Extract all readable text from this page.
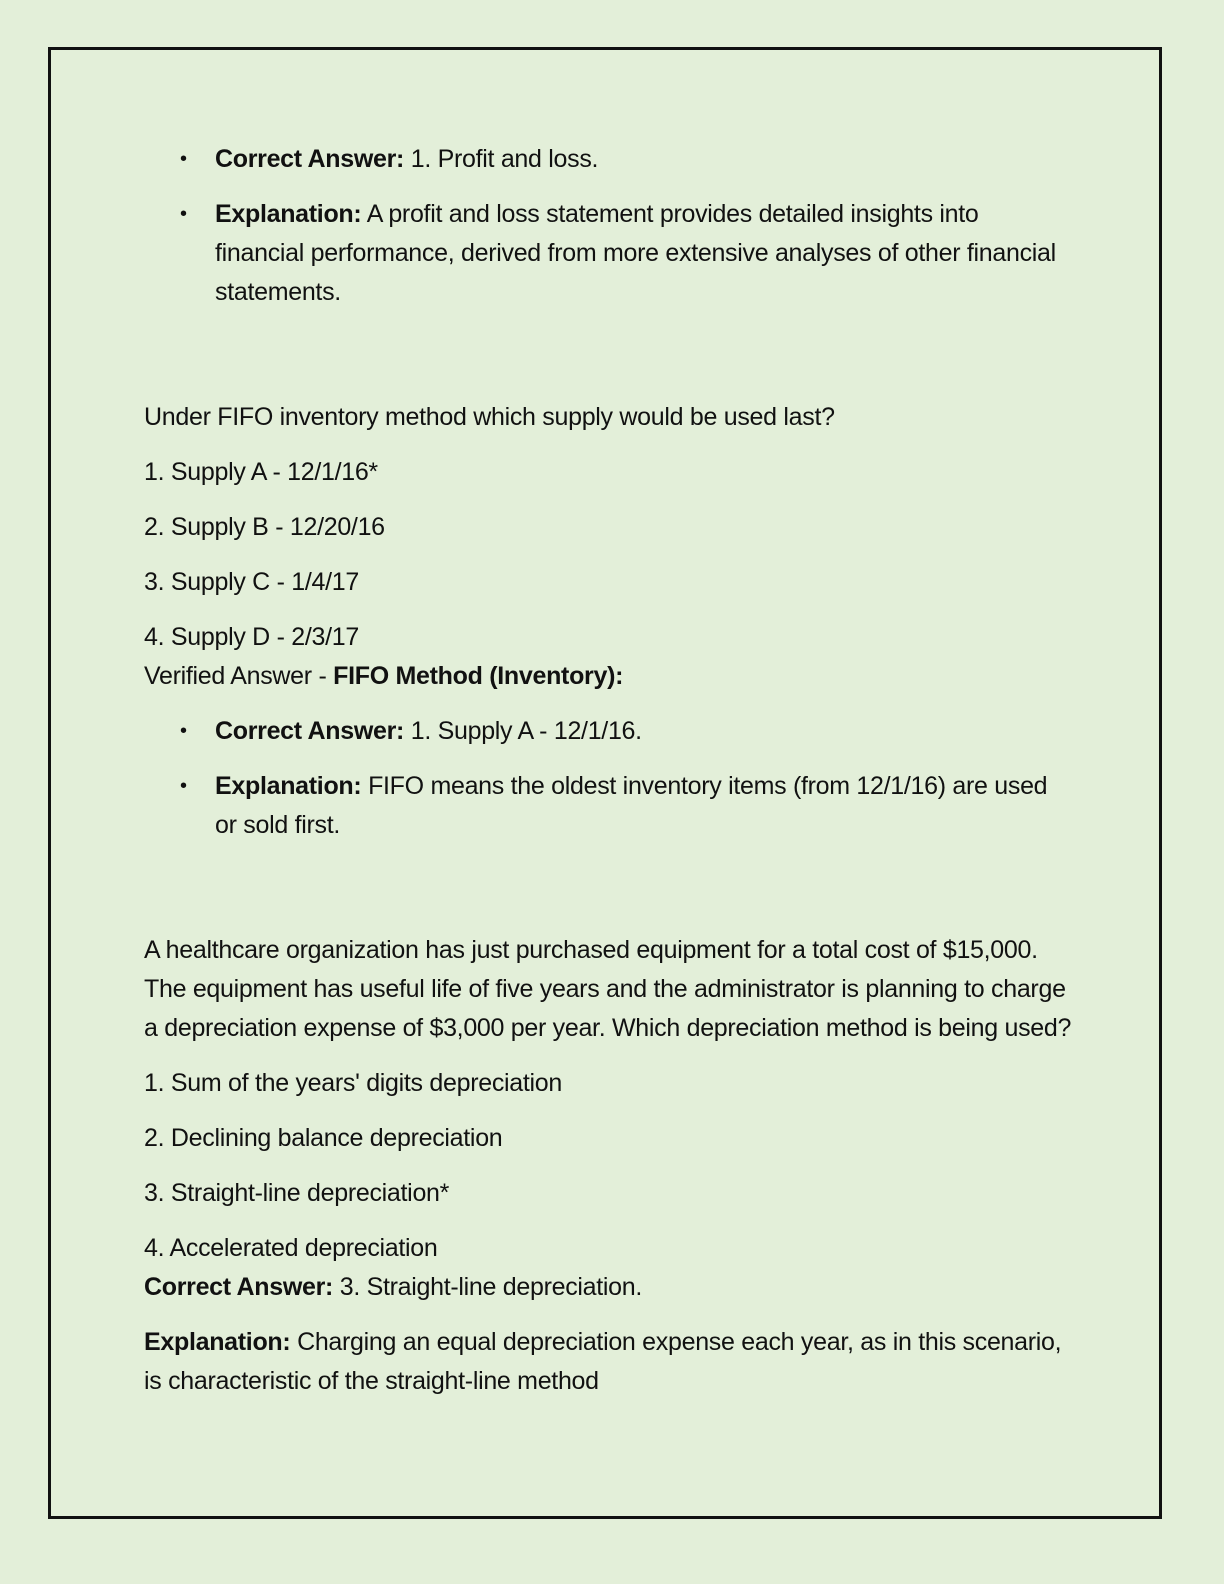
• Correct Answer: 1. Profit and loss.
• Explanation: A profit and loss statement provides detailed insights into financial performance, derived from more extensive analyses of other financial statements.

Under FIFO inventory method which supply would be used last?

1. Supply A - 12/1/16*

2. Supply B - 12/20/16

3. Supply C - 1/4/17

4. Supply D - 2/3/17

Verified Answer - FIFO Method (Inventory):

• Correct Answer: 1. Supply A - 12/1/16.
• Explanation: FIFO means the oldest inventory items (from 12/1/16) are used or sold first.

A healthcare organization has just purchased equipment for a total cost of $15,000. The equipment has useful life of five years and the administrator is planning to charge a depreciation expense of $3,000 per year. Which depreciation method is being used?

1. Sum of the years' digits depreciation

2. Declining balance depreciation

3. Straight-line depreciation*

4. Accelerated depreciation

Correct Answer: 3. Straight-line depreciation.

Explanation: Charging an equal depreciation expense each year, as in this scenario, is characteristic of the straight-line method
